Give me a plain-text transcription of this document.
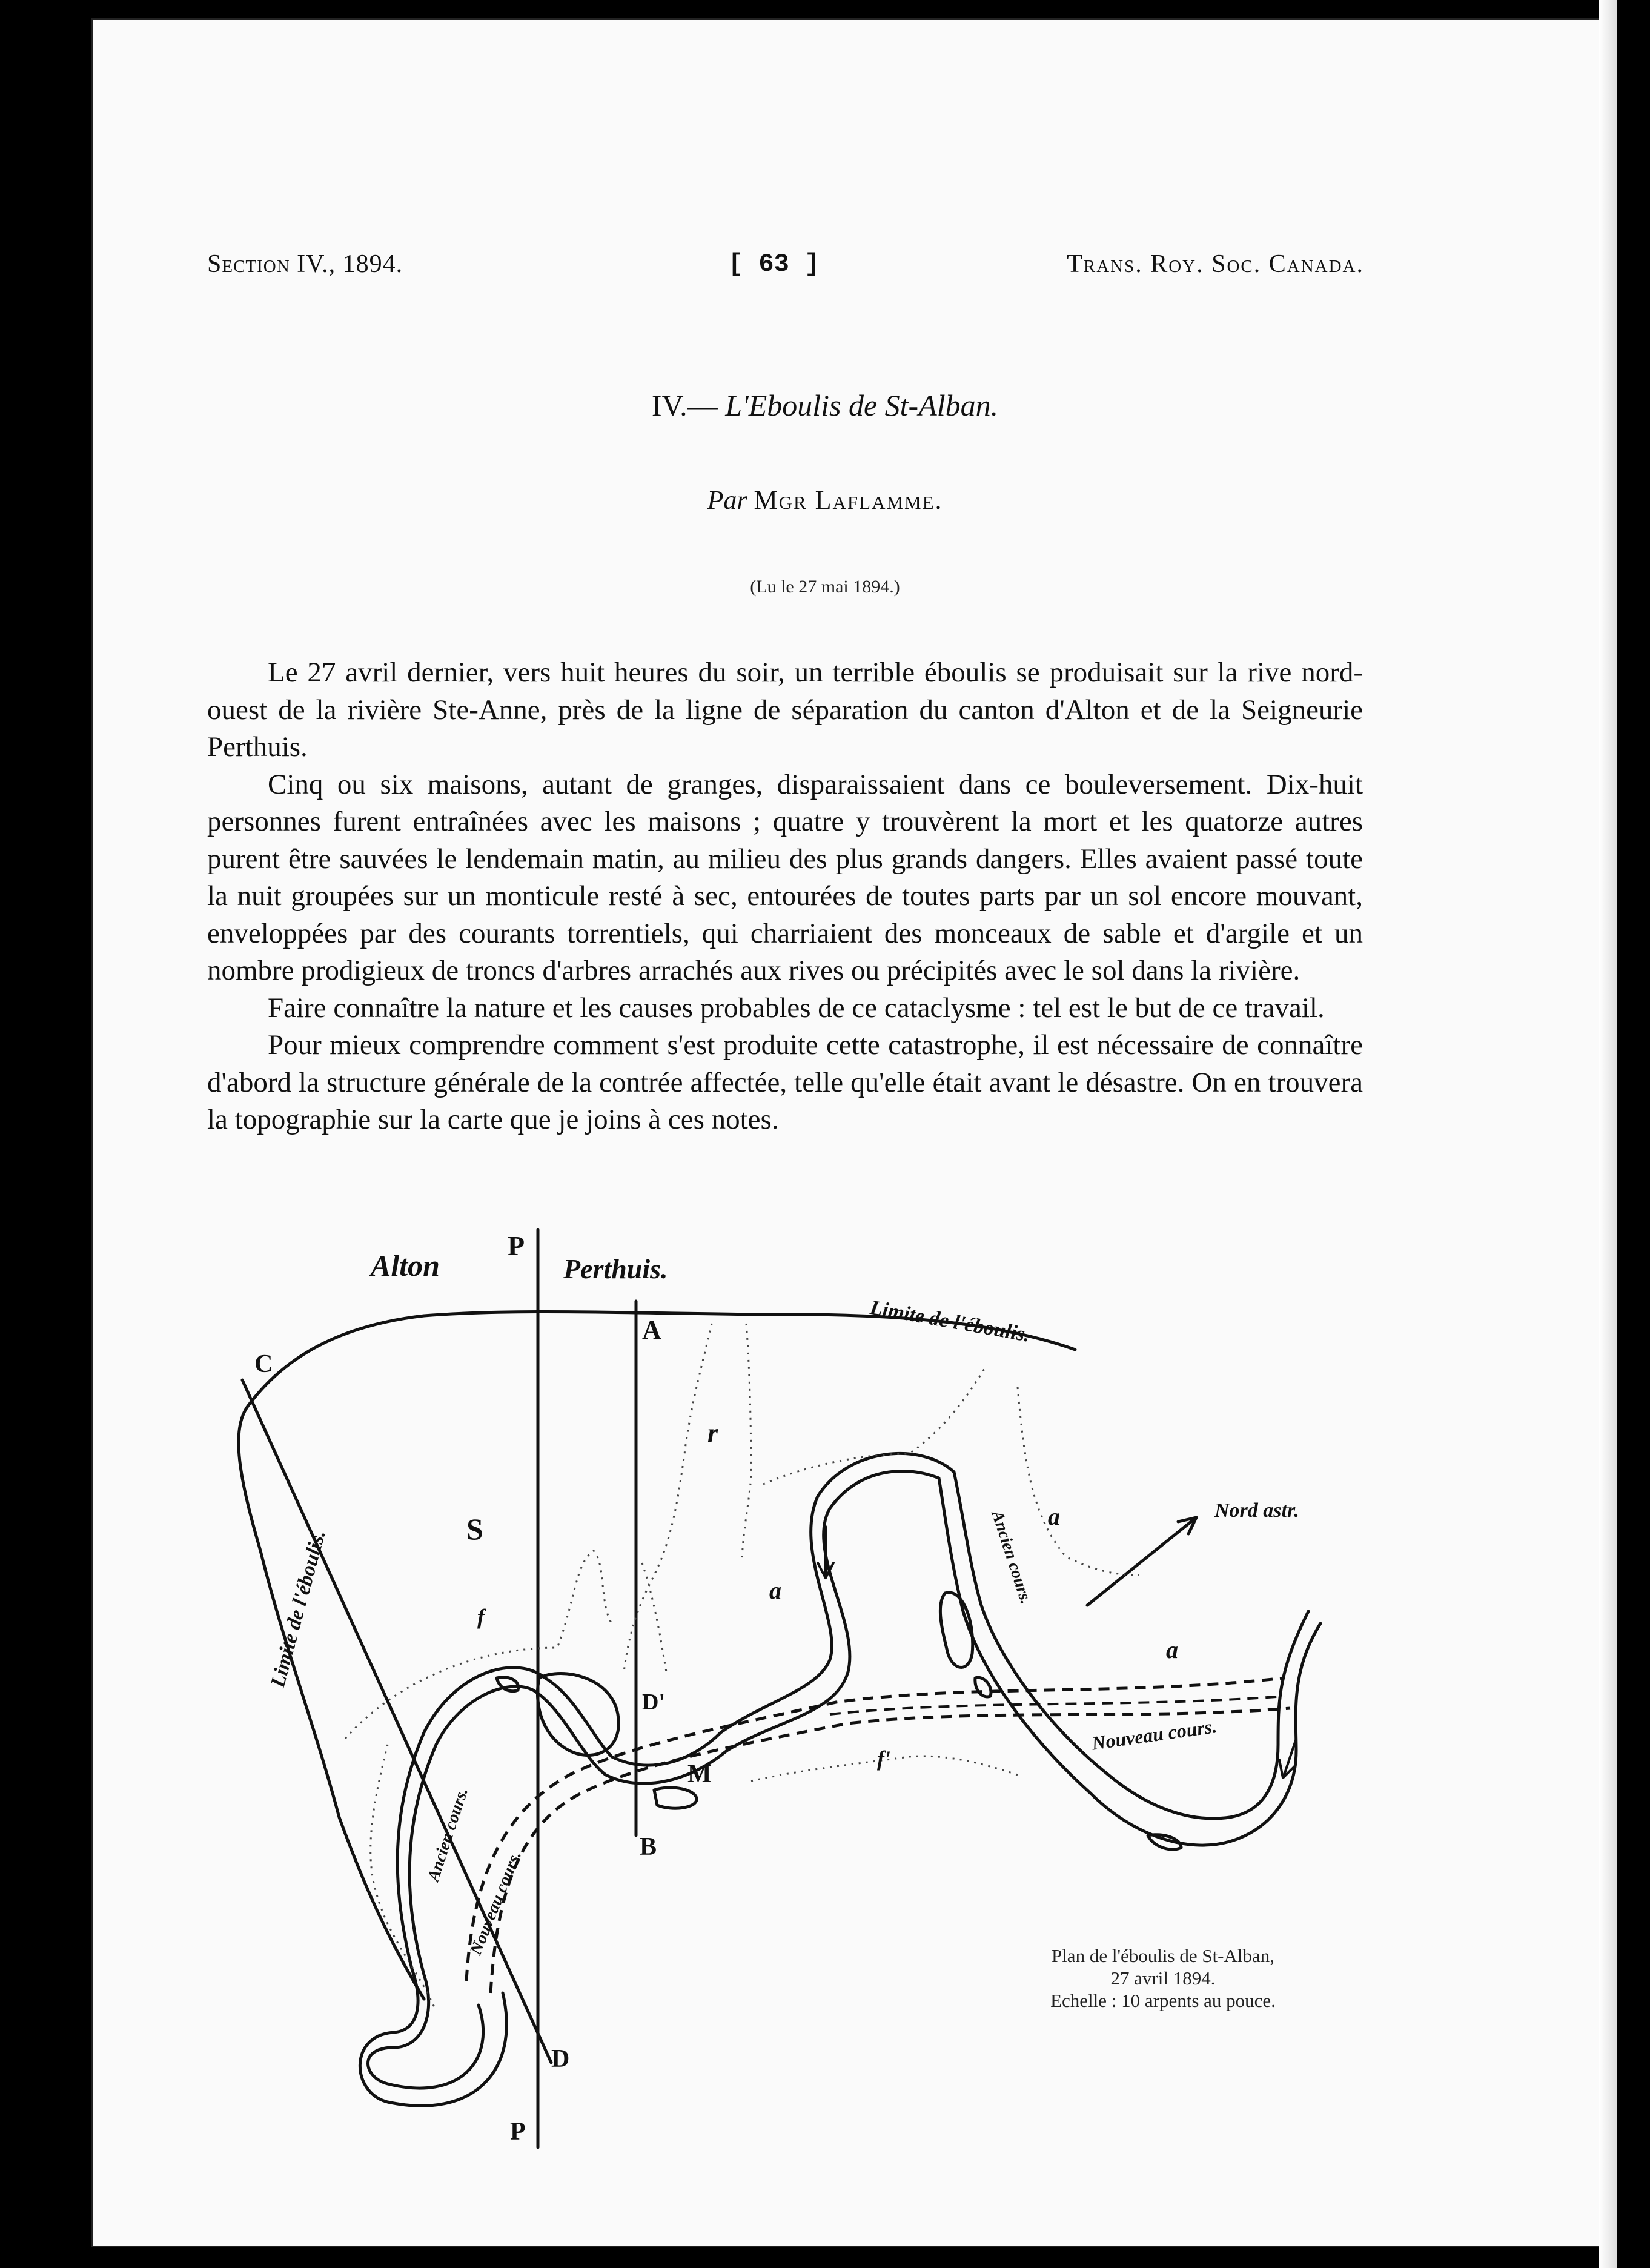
Section IV., 1894.	[ 63 ]	Trans. Roy. Soc. Canada.
IV.— L'Eboulis de St-Alban.
Par Mgr Laflamme.
(Lu le 27 mai 1894.)

Le 27 avril dernier, vers huit heures du soir, un terrible éboulis se produisait sur la rive nord-ouest de la rivière Ste-Anne, près de la ligne de séparation du canton d'Alton et de la Seigneurie Perthuis.

Cinq ou six maisons, autant de granges, disparaissaient dans ce bouleversement. Dix-huit personnes furent entraînées avec les maisons ; quatre y trouvèrent la mort et les quatorze autres purent être sauvées le lendemain matin, au milieu des plus grands dangers. Elles avaient passé toute la nuit groupées sur un monticule resté à sec, entourées de toutes parts par un sol encore mouvant, enveloppées par des courants torrentiels, qui charriaient des monceaux de sable et d'argile et un nombre prodigieux de troncs d'arbres arrachés aux rives ou précipités avec le sol dans la rivière.

Faire connaître la nature et les causes probables de ce cataclysme : tel est le but de ce travail.

Pour mieux comprendre comment s'est produite cette catastrophe, il est nécessaire de connaître d'abord la structure générale de la contrée affectée, telle qu'elle était avant le désastre. On en trouvera la topographie sur la carte que je joins à ces notes.

Alton	Perthuis.
P
P
A
B
C
D
D'
M
S
r
f
f'
a
a
a
Limite de l'éboulis.
Limite de l'éboulis.	Ancien cours.
Ancien cours.
Nouveau cours.
Nouveau cours.
Nord astr.
Plan de l'éboulis de St-Alban,
27 avril 1894.
Echelle : 10 arpents au pouce.
